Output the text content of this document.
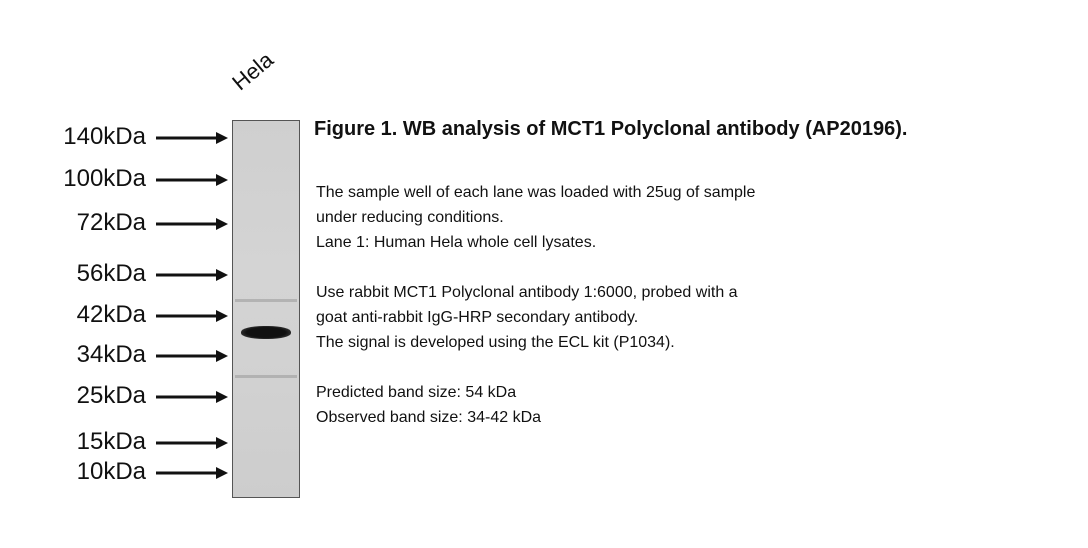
Hela
140kDa
100kDa
72kDa
56kDa
42kDa
34kDa
25kDa
15kDa
10kDa
Figure 1. WB analysis of MCT1 Polyclonal antibody (AP20196).
The sample well of each lane was loaded with 25ug of sample
under reducing conditions.
Lane 1: Human Hela whole cell lysates.
Use rabbit MCT1 Polyclonal antibody 1:6000, probed with a
goat anti-rabbit IgG-HRP secondary antibody.
The signal is developed using the ECL kit (P1034).
Predicted band size: 54 kDa
Observed band size: 34-42 kDa
